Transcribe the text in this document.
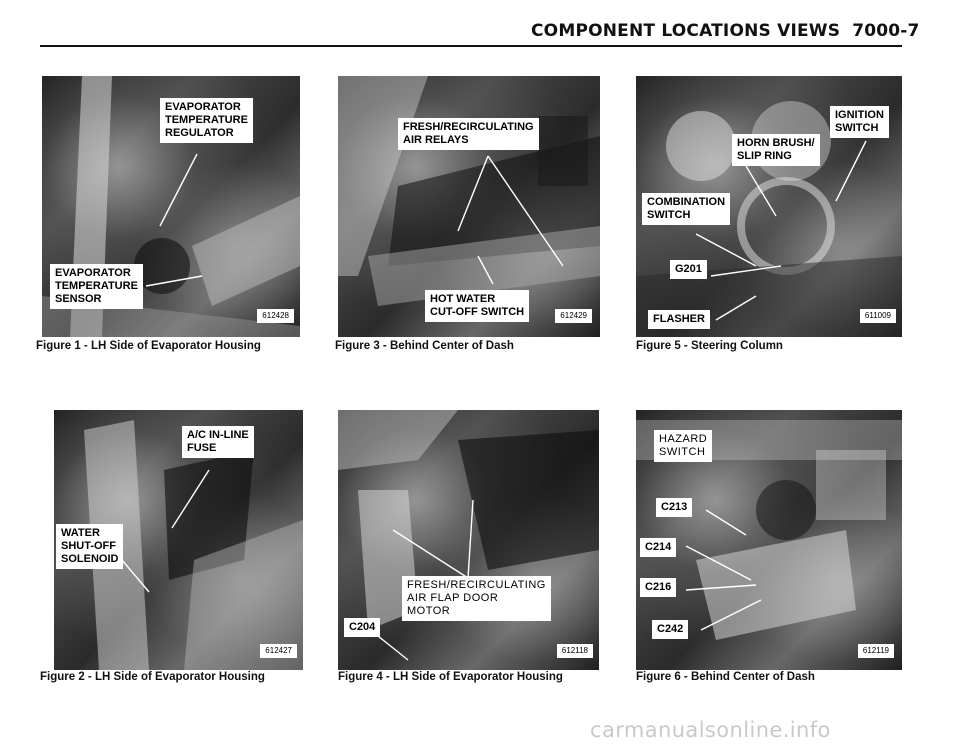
COMPONENT LOCATIONS VIEWS 7000-7
EVAPORATOR
TEMPERATURE
REGULATOR
EVAPORATOR
TEMPERATURE
SENSOR
612428
Figure 1 - LH Side of Evaporator Housing
FRESH/RECIRCULATING
AIR RELAYS
HOT WATER
CUT-OFF SWITCH	612429
Figure 3 - Behind Center of Dash
IGNITION
SWITCH
HORN BRUSH/
SLIP RING
COMBINATION
SWITCH
G201
FLASHER	611009
Figure 5 - Steering Column
A/C IN-LINE
FUSE
WATER
SHUT-OFF
SOLENOID
612427
Figure 2 - LH Side of Evaporator Housing
FRESH/RECIRCULATING
AIR FLAP DOOR
MOTOR
C204
612118
Figure 4 - LH Side of Evaporator Housing
HAZARD
SWITCH
C213
C214
C216
C242
612119
Figure 6 - Behind Center of Dash
carmanualsonline.info
